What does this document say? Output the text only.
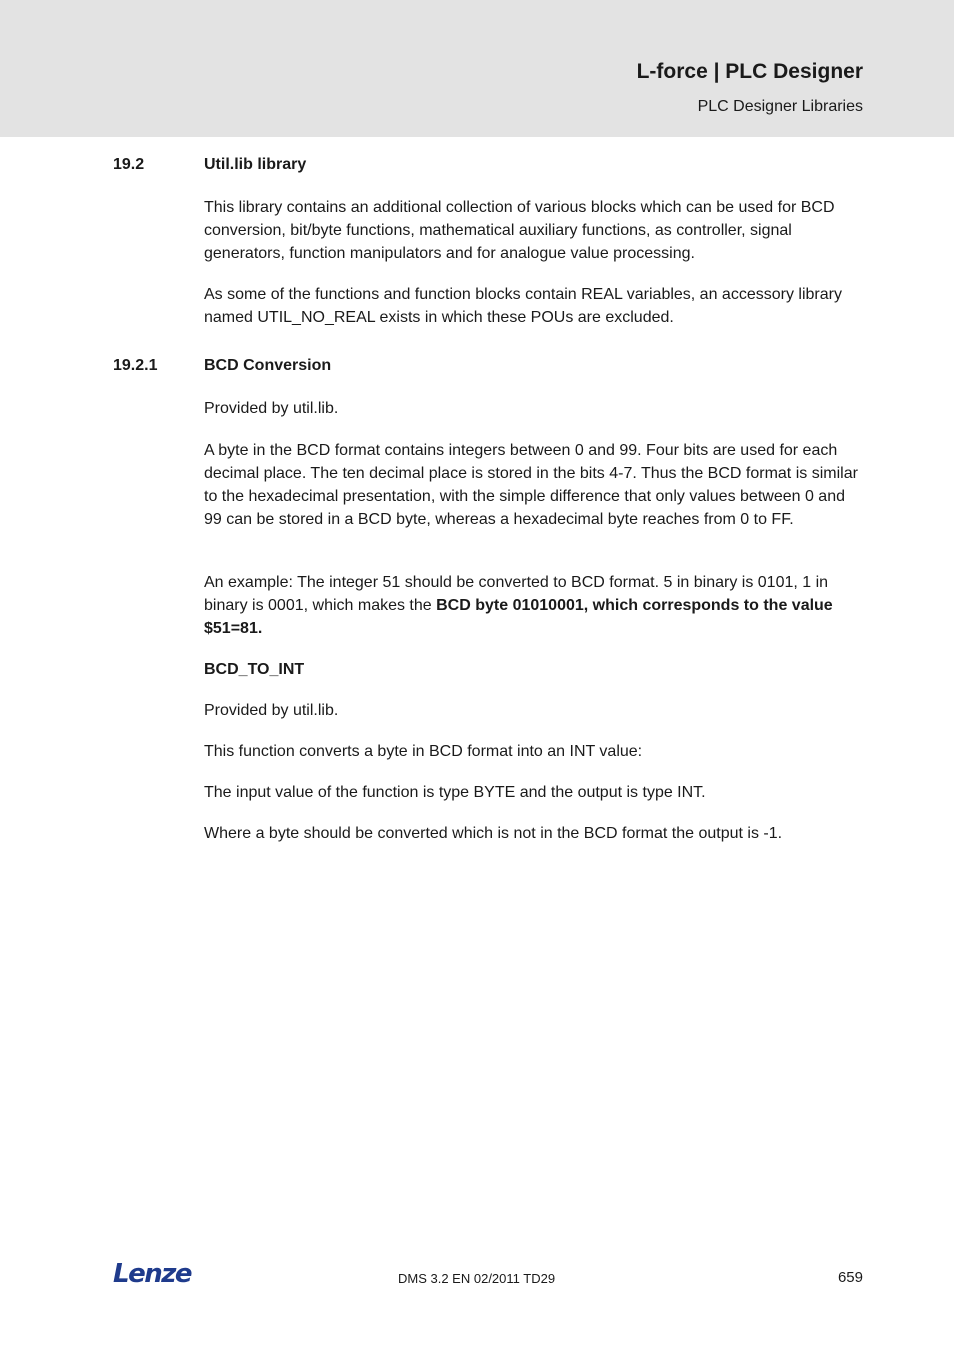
L-force | PLC Designer
PLC Designer Libraries
19.2	Util.lib library

This library contains an additional collection of various blocks which can be used for BCD conversion, bit/byte functions, mathematical auxiliary functions, as controller, signal generators, function manipulators and for analogue value processing.

As some of the functions and function blocks contain REAL variables, an accessory library named UTIL_NO_REAL exists in which these POUs are excluded.

19.2.1	BCD Conversion

Provided by util.lib.

A byte in the BCD format contains integers between 0 and 99. Four bits are used for each decimal place. The ten decimal place is stored in the bits 4-7. Thus the BCD format is similar to the hexadecimal presentation, with the simple difference that only values between 0 and 99 can be stored in a BCD byte, whereas a hexadecimal byte reaches from 0 to FF.

An example: The integer 51 should be converted to BCD format. 5 in binary is 0101, 1 in binary is 0001, which makes the BCD byte 01010001, which corresponds to the value $51=81.

BCD_TO_INT

Provided by util.lib.

This function converts a byte in BCD format into an INT value:

The input value of the function is type BYTE and the output is type INT.

Where a byte should be converted which is not in the BCD format the output is -1.

Lenze	DMS 3.2 EN 02/2011 TD29	659
